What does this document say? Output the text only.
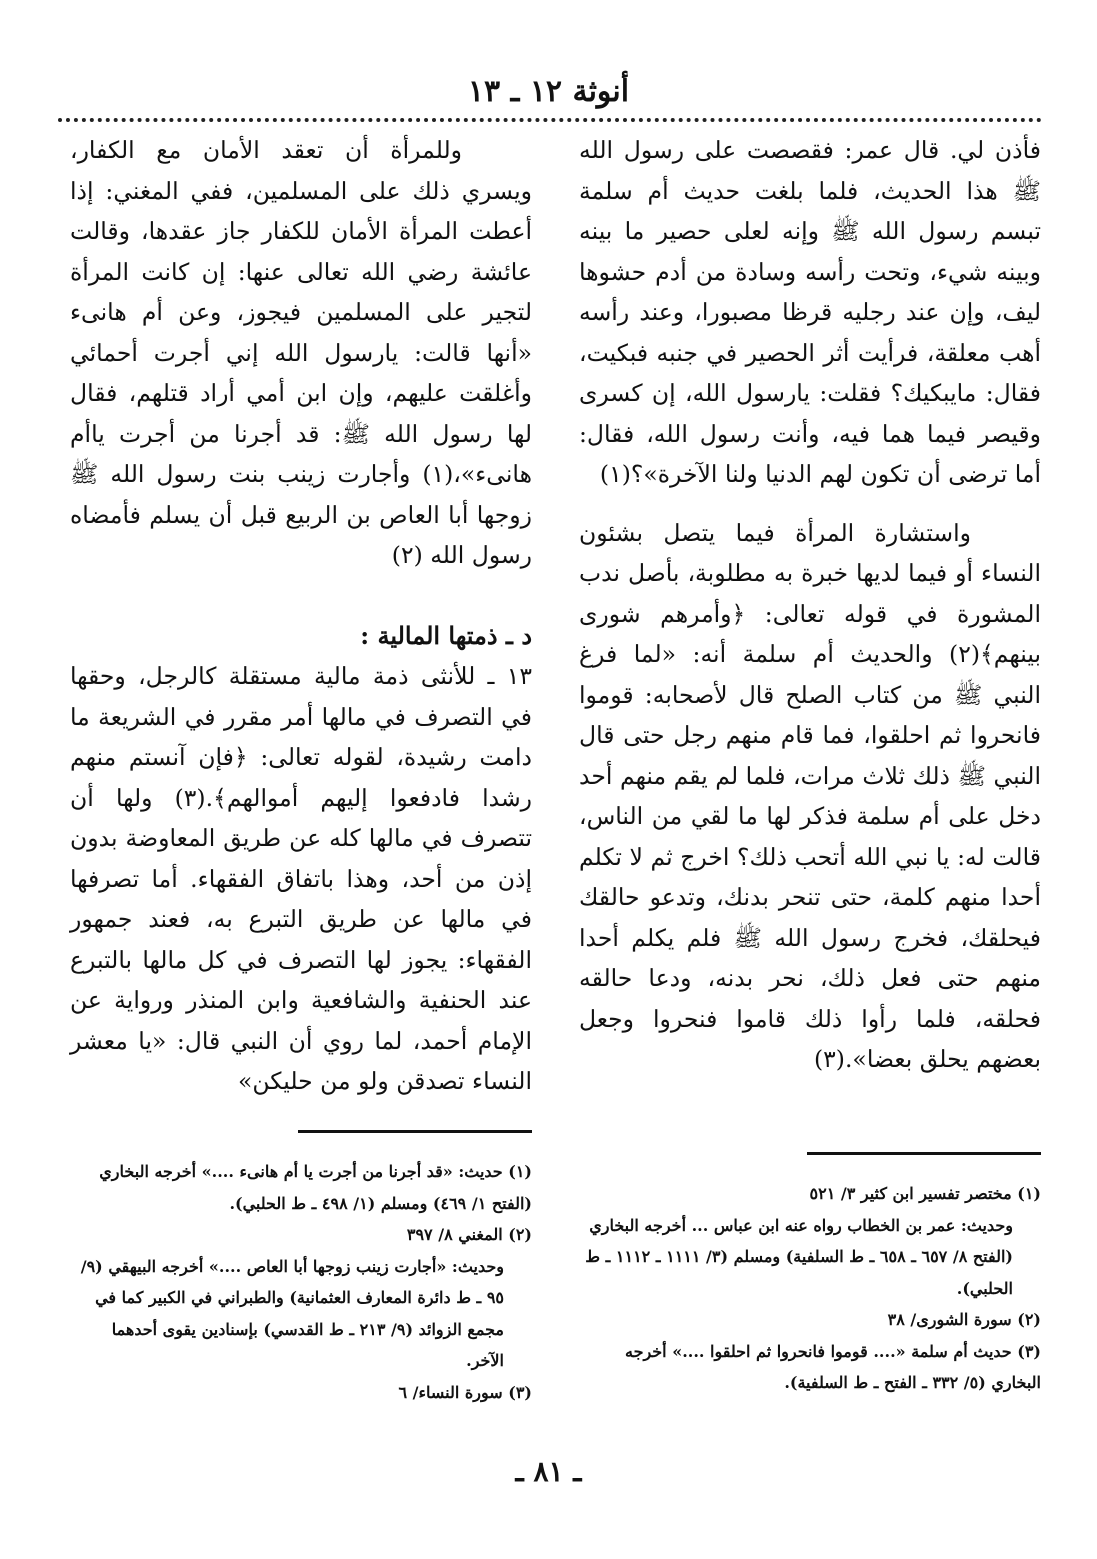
أنوثة ١٢ ـ ١٣

فأذن لي. قال عمر: فقصصت على رسول الله ﷺ هذا الحديث، فلما بلغت حديث أم سلمة تبسم رسول الله ﷺ وإنه لعلى حصير ما بينه وبينه شيء، وتحت رأسه وسادة من أدم حشوها ليف، وإن عند رجليه قرظا مصبورا، وعند رأسه أهب معلقة، فرأيت أثر الحصير في جنبه فبكيت، فقال: مايبكيك؟ فقلت: يارسول الله، إن كسرى وقيصر فيما هما فيه، وأنت رسول الله، فقال: أما ترضى أن تكون لهم الدنيا ولنا الآخرة»؟(١)

واستشارة المرأة فيما يتصل بشئون النساء أو فيما لديها خبرة به مطلوبة، بأصل ندب المشورة في قوله تعالى: ﴿وأمرهم شورى بينهم﴾(٢) والحديث أم سلمة أنه: «لما فرغ النبي ﷺ من كتاب الصلح قال لأصحابه: قوموا فانحروا ثم احلقوا، فما قام منهم رجل حتى قال النبي ﷺ ذلك ثلاث مرات، فلما لم يقم منهم أحد دخل على أم سلمة فذكر لها ما لقي من الناس، قالت له: يا نبي الله أتحب ذلك؟ اخرج ثم لا تكلم أحدا منهم كلمة، حتى تنحر بدنك، وتدعو حالقك فيحلقك، فخرج رسول الله ﷺ فلم يكلم أحدا منهم حتى فعل ذلك، نحر بدنه، ودعا حالقه فحلقه، فلما رأوا ذلك قاموا فنحروا وجعل بعضهم يحلق بعضا».(٣)

وللمرأة أن تعقد الأمان مع الكفار، ويسري ذلك على المسلمين، ففي المغني: إذا أعطت المرأة الأمان للكفار جاز عقدها، وقالت عائشة رضي الله تعالى عنها: إن كانت المرأة لتجير على المسلمين فيجوز، وعن أم هانىء «أنها قالت: يارسول الله إني أجرت أحمائي وأغلقت عليهم، وإن ابن أمي أراد قتلهم، فقال لها رسول الله ﷺ: قد أجرنا من أجرت ياأم هانىء»،(١) وأجارت زينب بنت رسول الله ﷺ زوجها أبا العاص بن الربيع قبل أن يسلم فأمضاه رسول الله (٢)

د ـ ذمتها المالية :

١٣ ـ للأنثى ذمة مالية مستقلة كالرجل، وحقها في التصرف في مالها أمر مقرر في الشريعة ما دامت رشيدة، لقوله تعالى: ﴿فإن آنستم منهم رشدا فادفعوا إليهم أموالهم﴾.(٣) ولها أن تتصرف في مالها كله عن طريق المعاوضة بدون إذن من أحد، وهذا باتفاق الفقهاء. أما تصرفها في مالها عن طريق التبرع به، فعند جمهور الفقهاء: يجوز لها التصرف في كل مالها بالتبرع عند الحنفية والشافعية وابن المنذر ورواية عن الإمام أحمد، لما روي أن النبي قال: «يا معشر النساء تصدقن ولو من حليكن»

(١) مختصر تفسير ابن كثير ٣/ ٥٢١

وحديث: عمر بن الخطاب رواه عنه ابن عباس ... أخرجه البخاري (الفتح ٨/ ٦٥٧ ـ ٦٥٨ ـ ط السلفية) ومسلم (٣/ ١١١١ ـ ١١١٢ ـ ط الحلبي).

(٢) سورة الشورى/ ٣٨

(٣) حديث أم سلمة «.... قوموا فانحروا ثم احلقوا ....» أخرجه البخاري (٥/ ٣٣٢ ـ الفتح ـ ط السلفية).

(١) حديث: «قد أجرنا من أجرت يا أم هانىء ....» أخرجه البخاري (الفتح ١/ ٤٦٩) ومسلم (١/ ٤٩٨ ـ ط الحلبي).

(٢) المغني ٨/ ٣٩٧

وحديث: «أجارت زينب زوجها أبا العاص ....» أخرجه البيهقي (٩/ ٩٥ ـ ط دائرة المعارف العثمانية) والطبراني في الكبير كما في مجمع الزوائد (٩/ ٢١٣ ـ ط القدسي) بإسنادين يقوى أحدهما الآخر.

(٣) سورة النساء/ ٦

ـ ٨١ ـ
